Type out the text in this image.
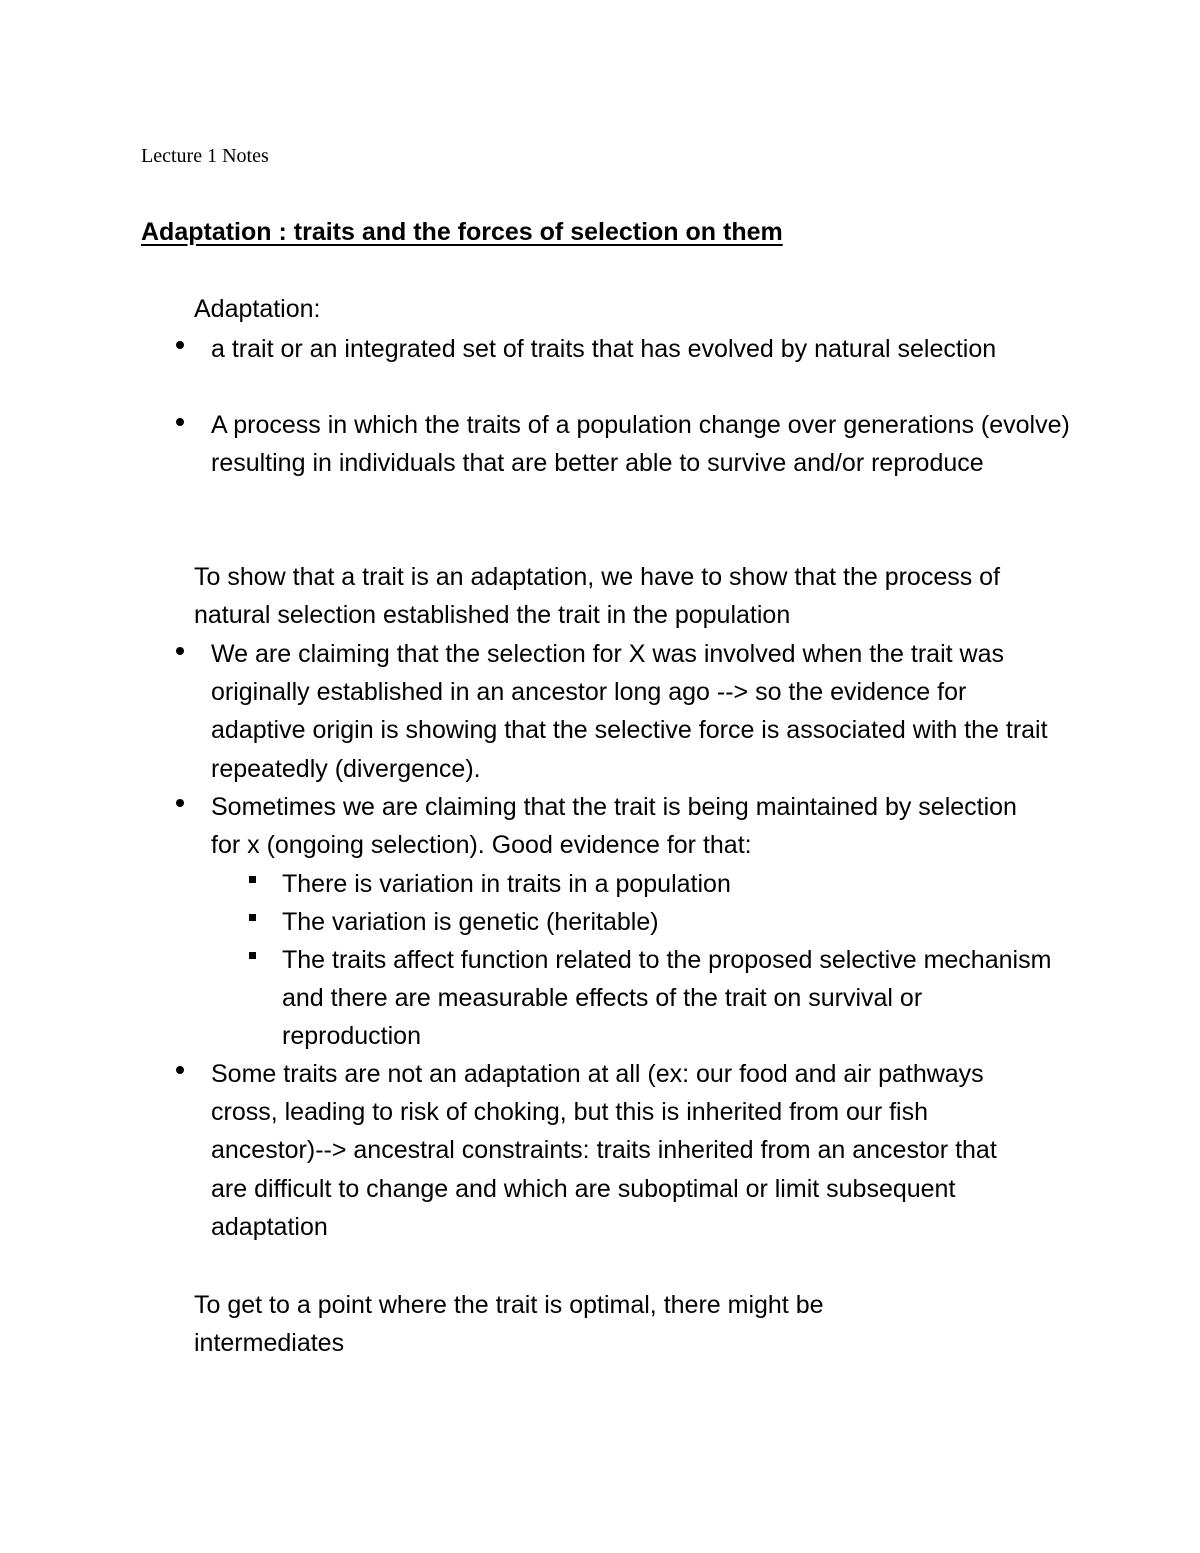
Lecture 1 Notes
Adaptation : traits and the forces of selection on them

Adaptation:

a trait or an integrated set of traits that has evolved by natural selection
A process in which the traits of a population change over generations (evolve) resulting in individuals that are better able to survive and/or reproduce

To show that a trait is an adaptation, we have to show that the process of natural selection established the trait in the population

We are claiming that the selection for X was involved when the trait was originally established in an ancestor long ago --> so the evidence for adaptive origin is showing that the selective force is associated with the trait repeatedly (divergence).
Sometimes we are claiming that the trait is being maintained by selection for x (ongoing selection). Good evidence for that:
There is variation in traits in a population
The variation is genetic (heritable)
The traits affect function related to the proposed selective mechanism and there are measurable effects of the trait on survival or reproduction
Some traits are not an adaptation at all (ex: our food and air pathways cross, leading to risk of choking, but this is inherited from our fish ancestor)--> ancestral constraints: traits inherited from an ancestor that are difficult to change and which are suboptimal or limit subsequent adaptation

To get to a point where the trait is optimal, there might be intermediates
